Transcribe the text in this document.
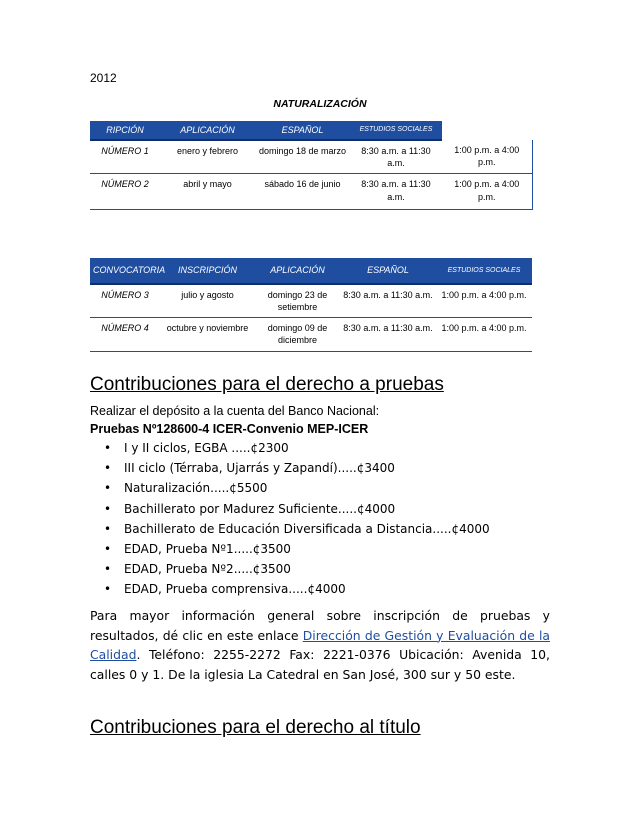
2012
NATURALIZACIÓN
RIPCIÓN	APLICACIÓN	ESPAÑOL	ESTUDIOS SOCIALES	
NÚMERO 1	enero y febrero	domingo 18 de marzo	8:30 a.m. a 11:30 a.m.	1:00 p.m. a 4:00 p.m.
NÚMERO 2	abril y mayo	sábado 16 de junio	8:30 a.m. a 11:30 a.m.	1:00 p.m. a 4:00 p.m.
CONVOCATORIA	INSCRIPCIÓN	APLICACIÓN	ESPAÑOL	ESTUDIOS SOCIALES
NÚMERO 3	julio y agosto	domingo 23 de setiembre	8:30 a.m. a 11:30 a.m.	1:00 p.m. a 4:00 p.m.
NÚMERO 4	octubre y noviembre	domingo 09 de diciembre	8:30 a.m. a 11:30 a.m.	1:00 p.m. a 4:00 p.m.
Contribuciones para el derecho a pruebas
Realizar el depósito a la cuenta del Banco Nacional:
Pruebas Nº128600-4 ICER-Convenio MEP-ICER
• I y II ciclos, EGBA .....¢2300
• III ciclo (Térraba, Ujarrás y Zapandí).....¢3400
• Naturalización.....¢5500
• Bachillerato por Madurez Suficiente.....¢4000
• Bachillerato de Educación Diversificada a Distancia.....¢4000
• EDAD, Prueba Nº1.....¢3500
• EDAD, Prueba Nº2.....¢3500
• EDAD, Prueba comprensiva.....¢4000
Para mayor información general sobre inscripción de pruebas y resultados, dé clic en este enlace Dirección de Gestión y Evaluación de la Calidad. Teléfono: 2255-2272 Fax: 2221-0376 Ubicación: Avenida 10, calles 0 y 1. De la iglesia La Catedral en San José, 300 sur y 50 este.
Contribuciones para el derecho al título
